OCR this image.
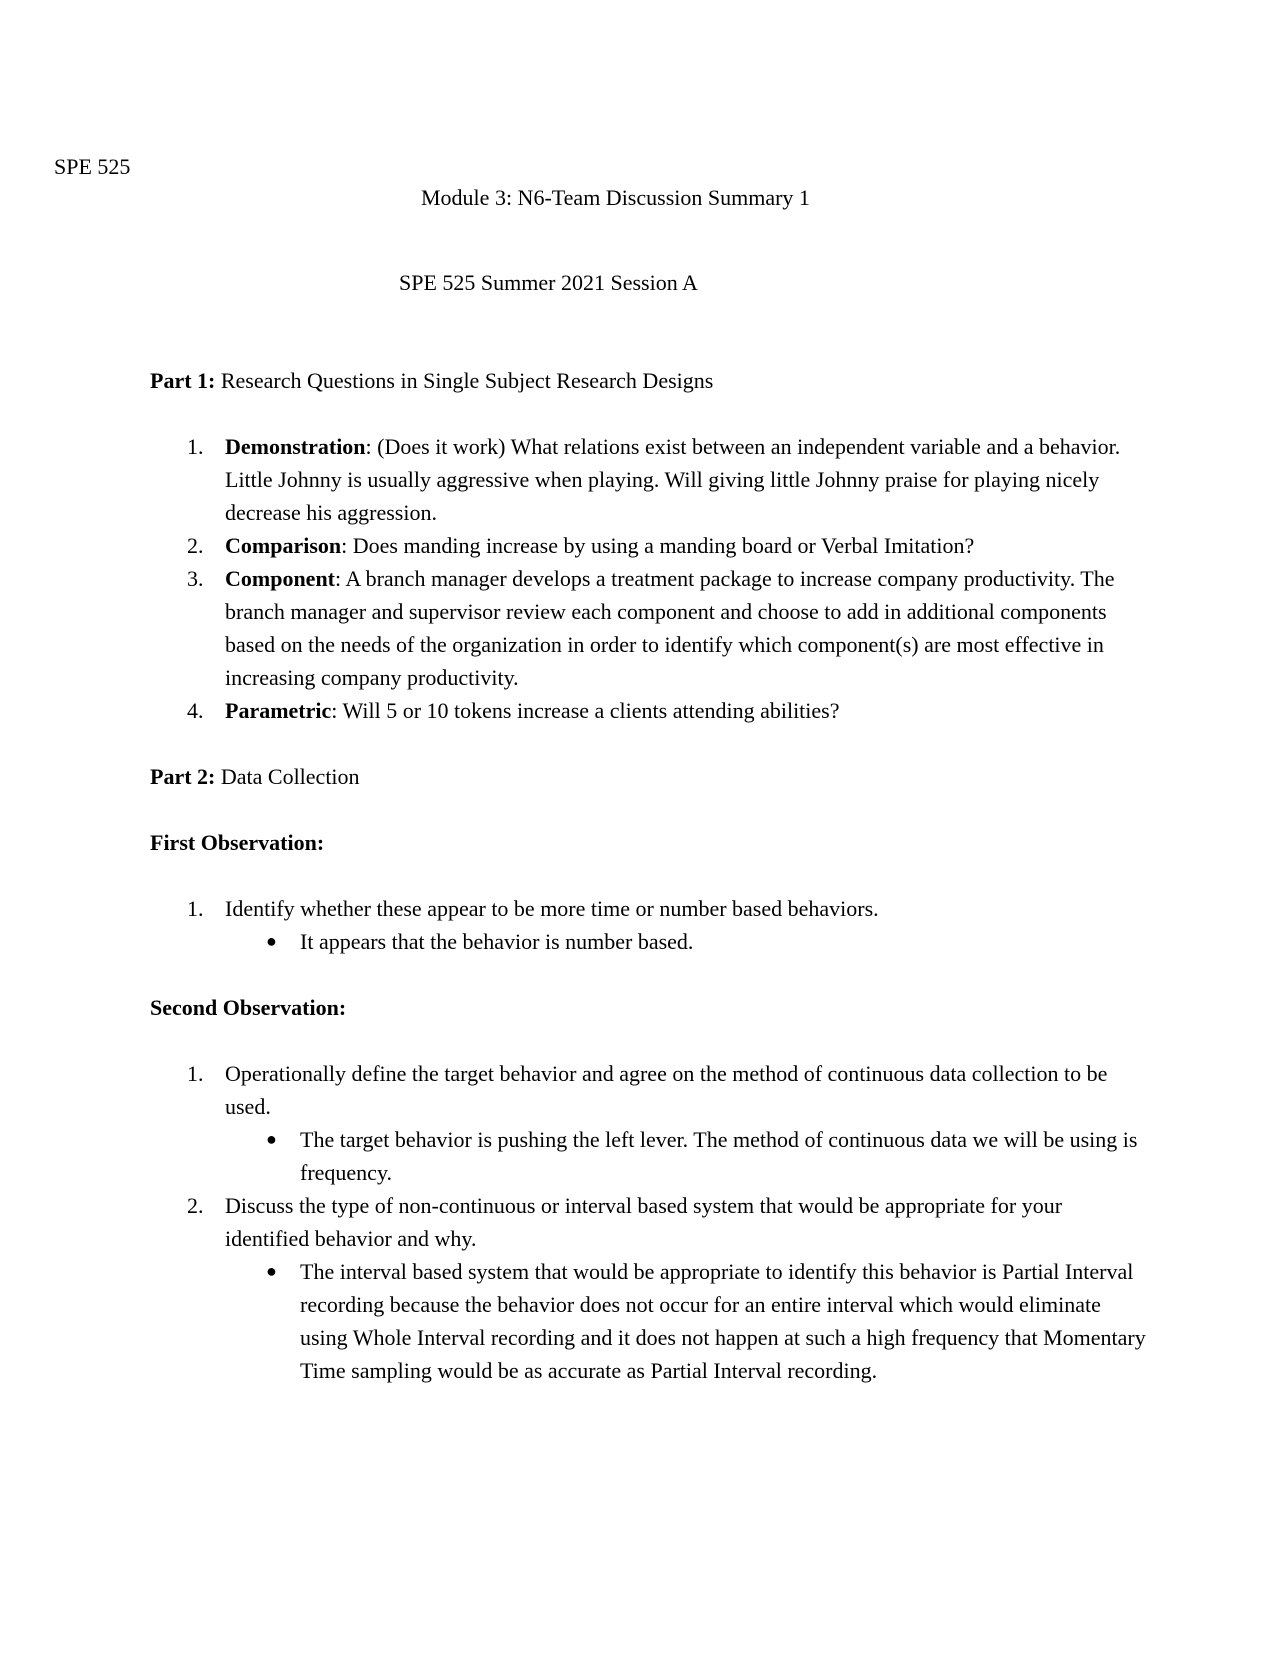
SPE 525
Module 3: N6-Team Discussion Summary 1
SPE 525 Summer 2021 Session A

Part 1: Research Questions in Single Subject Research Designs

1. Demonstration: (Does it work) What relations exist between an independent variable and a behavior. Little Johnny is usually aggressive when playing. Will giving little Johnny praise for playing nicely decrease his aggression.
2. Comparison: Does manding increase by using a manding board or Verbal Imitation?
3. Component: A branch manager develops a treatment package to increase company productivity. The branch manager and supervisor review each component and choose to add in additional components based on the needs of the organization in order to identify which component(s) are most effective in increasing company productivity.
4. Parametric: Will 5 or 10 tokens increase a clients attending abilities?

Part 2: Data Collection

First Observation:

1. Identify whether these appear to be more time or number based behaviors.
● It appears that the behavior is number based.

Second Observation:

1. Operationally define the target behavior and agree on the method of continuous data collection to be used.
● The target behavior is pushing the left lever. The method of continuous data we will be using is frequency.
2. Discuss the type of non-continuous or interval based system that would be appropriate for your identified behavior and why.
● The interval based system that would be appropriate to identify this behavior is Partial Interval recording because the behavior does not occur for an entire interval which would eliminate using Whole Interval recording and it does not happen at such a high frequency that Momentary Time sampling would be as accurate as Partial Interval recording.
